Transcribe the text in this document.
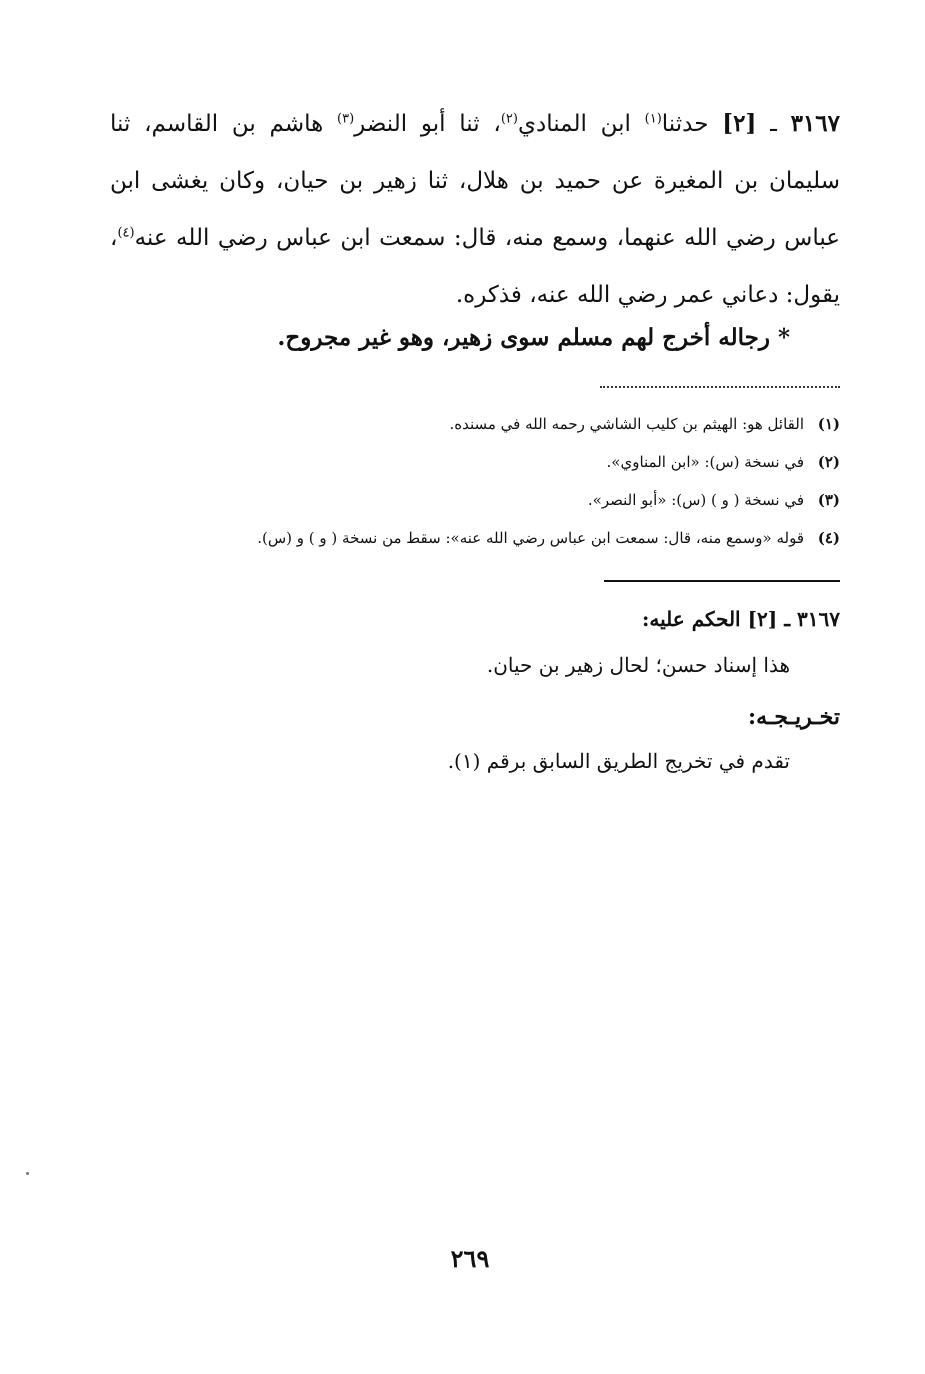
٣١٦٧ ـ [٢] حدثنا$^{(١)}$ ابن المنادي$^{(٢)}$، ثنا أبو النضر$^{(٣)}$ هاشم بن القاسم، ثنا سليمان بن المغيرة عن حميد بن هلال، ثنا زهير بن حيان، وكان يغشى ابن عباس رضي الله عنهما، وسمع منه، قال: سمعت ابن عباس رضي الله عنه$^{(٤)}$، يقول: دعاني عمر رضي الله عنه، فذكره.

*رجاله أخرج لهم مسلم سوى زهير، وهو غير مجروح.

(١)القائل هو: الهيثم بن كليب الشاشي رحمه الله في مسنده.

(٢)في نسخة (س): «ابن المناوي».

(٣)في نسخة ( و ) (س): «أبو النصر».

(٤)قوله «وسمع منه، قال: سمعت ابن عباس رضي الله عنه»: سقط من نسخة ( و ) و (س).

٣١٦٧ ـ [٢] الحكم عليه:
هذا إسناد حسن؛ لحال زهير بن حيان.
تخـريـجـه:
تقدم في تخريج الطريق السابق برقم (١).
٢٦٩
